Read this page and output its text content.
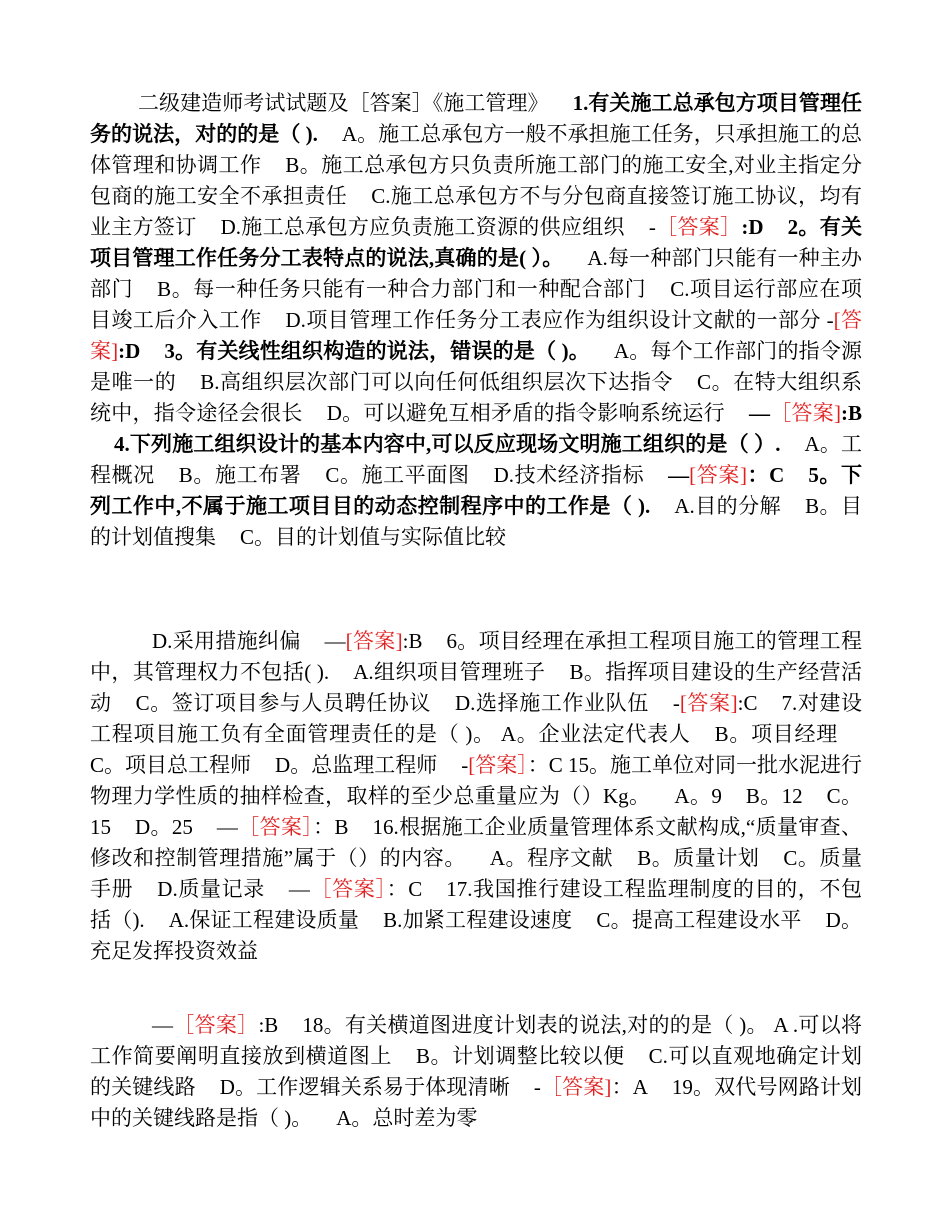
二级建造师考试试题及［答案］《施工管理》 1.有关施工总承包方项目管理任务的说法，对的的是（ ). A。施工总承包方一般不承担施工任务，只承担施工的总体管理和协调工作 B。施工总承包方只负责所施工部门的施工安全,对业主指定分包商的施工安全不承担责任 C.施工总承包方不与分包商直接签订施工协议，均有业主方签订 D.施工总承包方应负责施工资源的供应组织 -［答案］:D 2。有关项目管理工作任务分工表特点的说法,真确的是( ）。 A.每一种部门只能有一种主办部门 B。每一种任务只能有一种合力部门和一种配合部门 C.项目运行部应在项目竣工后介入工作 D.项目管理工作任务分工表应作为组织设计文献的一部分 -[答案]:D 3。有关线性组织构造的说法，错误的是（ )。 A。每个工作部门的指令源是唯一的 B.高组织层次部门可以向任何低组织层次下达指令 C。在特大组织系统中，指令途径会很长 D。可以避免互相矛盾的指令影响系统运行 —［答案]:B4.下列施工组织设计的基本内容中,可以反应现场文明施工组织的是（ ）. A。工程概况 B。施工布署 C。施工平面图 D.技术经济指标 —[答案]：C 5。下列工作中,不属于施工项目目的动态控制程序中的工作是（ ). A.目的分解 B。目的计划值搜集 C。目的计划值与实际值比较

D.采用措施纠偏 —[答案]:B 6。项目经理在承担工程项目施工的管理工程中，其管理权力不包括( ). A.组织项目管理班子 B。指挥项目建设的生产经营活动 C。签订项目参与人员聘任协议 D.选择施工作业队伍 -[答案]:C 7.对建设工程项目施工负有全面管理责任的是（ )。 A。企业法定代表人 B。项目经理C。项目总工程师 D。总监理工程师 -[答案］：C 15。施工单位对同一批水泥进行物理力学性质的抽样检查，取样的至少总重量应为（）Kg。 A。9 B。12 C。15 D。25 —［答案］：B 16.根据施工企业质量管理体系文献构成,“质量审查、修改和控制管理措施”属于（）的内容。 A。程序文献 B。质量计划 C。质量手册 D.质量记录 —［答案］：C 17.我国推行建设工程监理制度的目的，不包括（). A.保证工程建设质量 B.加紧工程建设速度 C。提高工程建设水平 D。充足发挥投资效益

—［答案］:B 18。有关横道图进度计划表的说法,对的的是（ )。 A .可以将工作简要阐明直接放到横道图上 B。计划调整比较以便 C.可以直观地确定计划的关键线路 D。工作逻辑关系易于体现清晰 -［答案]：A 19。双代号网路计划中的关键线路是指（ )。 A。总时差为零
